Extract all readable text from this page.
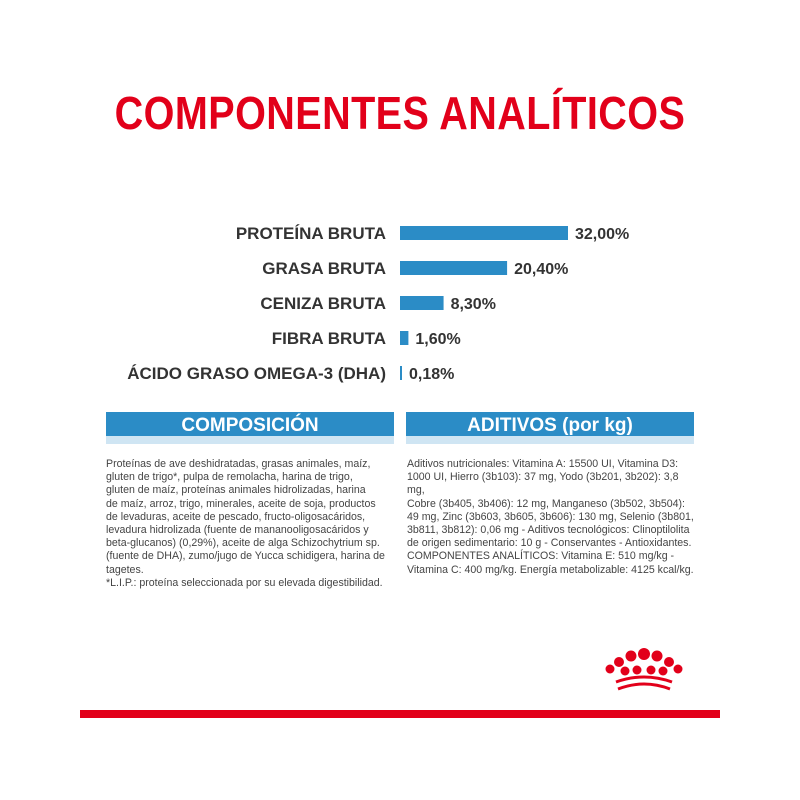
COMPONENTES ANALÍTICOS
PROTEÍNA BRUTA	32,00%
GRASA BRUTA	20,40%
CENIZA BRUTA	8,30%
FIBRA BRUTA 1,60%
ÁCIDO GRASO OMEGA-3 (DHA) 0,18%
COMPOSICIÓN	ADITIVOS (por kg)
Proteínas de ave deshidratadas, grasas animales, maíz,
gluten de trigo*, pulpa de remolacha, harina de trigo,
gluten de maíz, proteínas animales hidrolizadas, harina
de maíz, arroz, trigo, minerales, aceite de soja, productos
de levaduras, aceite de pescado, fructo-oligosacáridos,
levadura hidrolizada (fuente de mananooligosacáridos y
beta-glucanos) (0,29%), aceite de alga Schizochytrium sp.
(fuente de DHA), zumo/jugo de Yucca schidigera, harina de
tagetes.
*L.I.P.: proteína seleccionada por su elevada digestibilidad.
Aditivos nutricionales: Vitamina A: 15500 UI, Vitamina D3:
1000 UI, Hierro (3b103): 37 mg, Yodo (3b201, 3b202): 3,8 mg,
Cobre (3b405, 3b406): 12 mg, Manganeso (3b502, 3b504):
49 mg, Zinc (3b603, 3b605, 3b606): 130 mg, Selenio (3b801,
3b811, 3b812): 0,06 mg - Aditivos tecnológicos: Clinoptilolita
de origen sedimentario: 10 g - Conservantes - Antioxidantes.
COMPONENTES ANALÍTICOS: Vitamina E: 510 mg/kg -
Vitamina C: 400 mg/kg. Energía metabolizable: 4125 kcal/kg.
